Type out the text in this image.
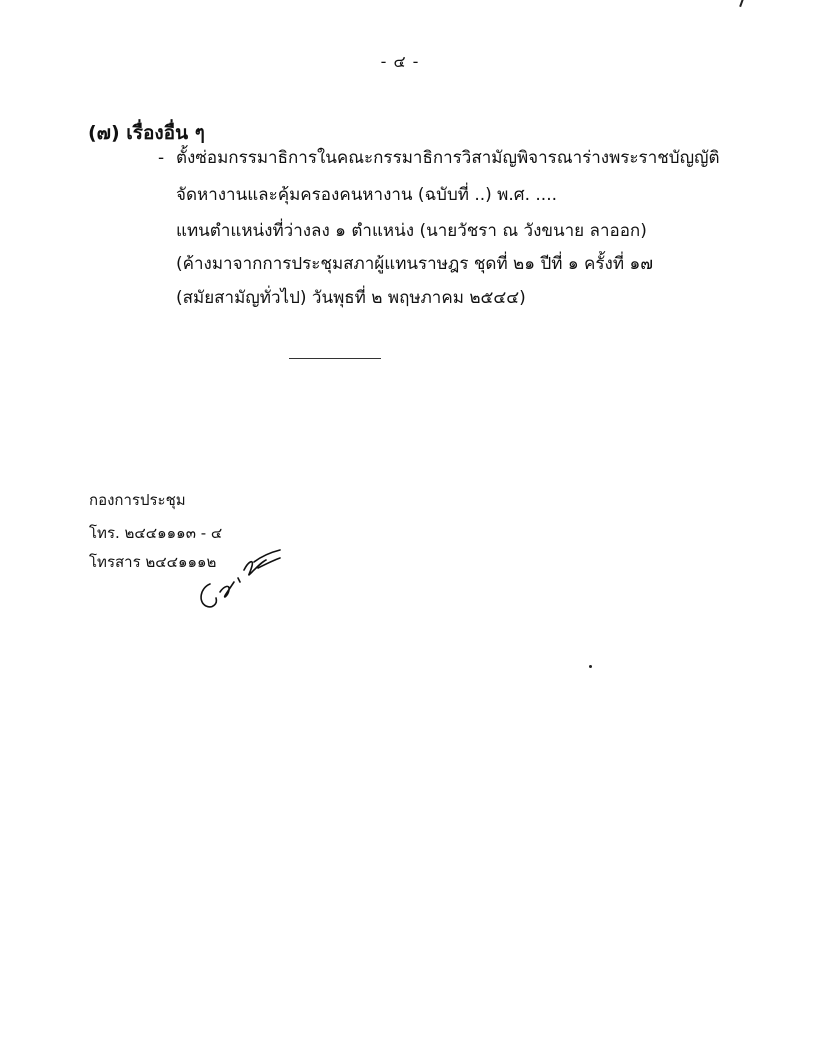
- ๔ -
(๗) เรื่องอื่น ๆ
- ตั้งซ่อมกรรมาธิการในคณะกรรมาธิการวิสามัญพิจารณาร่างพระราชบัญญัติ
จัดหางานและคุ้มครองคนหางาน (ฉบับที่ ..) พ.ศ. ....
แทนตำแหน่งที่ว่างลง ๑ ตำแหน่ง (นายวัชรา ณ วังขนาย ลาออก)
(ค้างมาจากการประชุมสภาผู้แทนราษฎร ชุดที่ ๒๑ ปีที่ ๑ ครั้งที่ ๑๗
(สมัยสามัญทั่วไป) วันพุธที่ ๒ พฤษภาคม ๒๕๔๔)
กองการประชุม
โทร. ๒๔๔๑๑๑๓ - ๔
โทรสาร ๒๔๔๑๑๑๒
